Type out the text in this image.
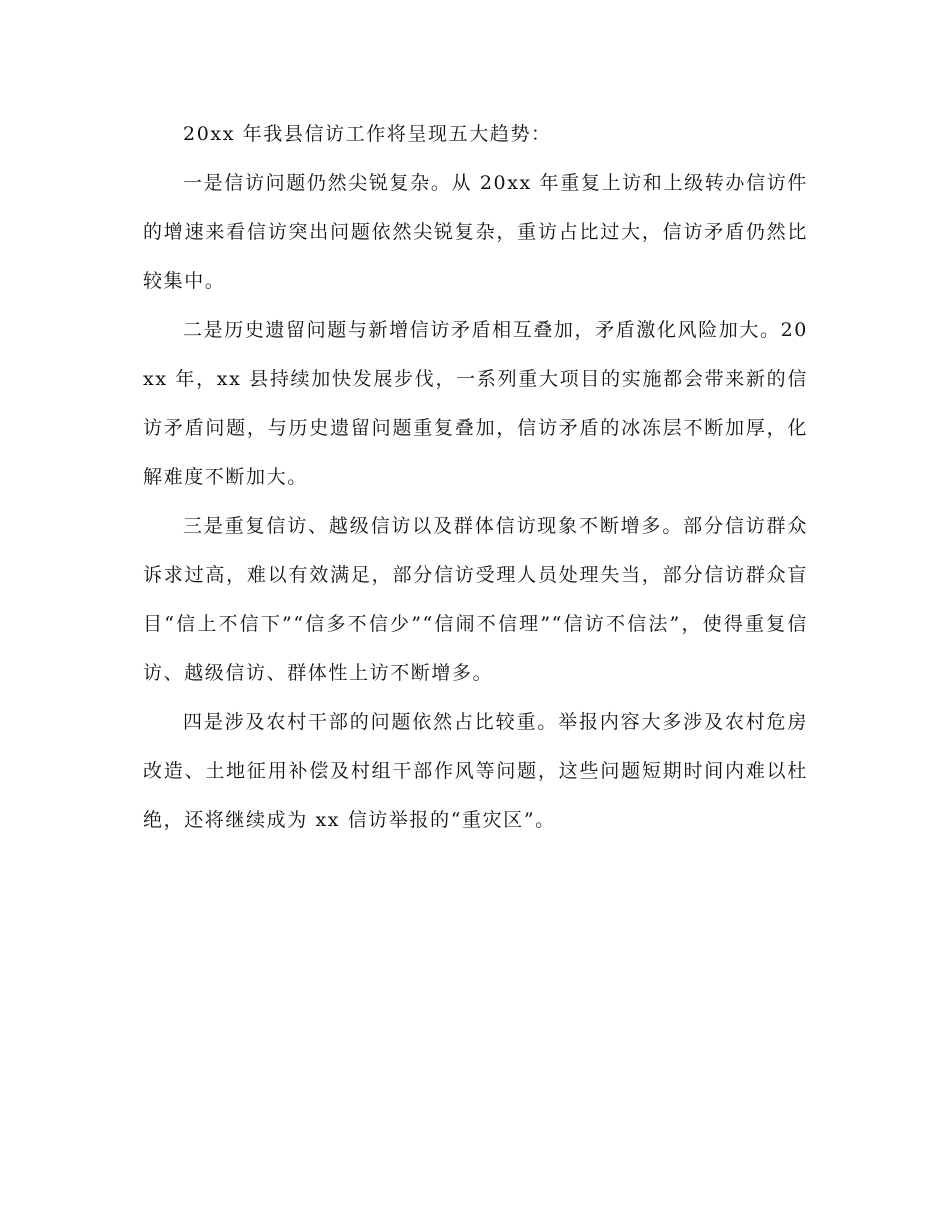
20xx 年我县信访工作将呈现五大趋势：

一是信访问题仍然尖锐复杂。从 20xx 年重复上访和上级转办信访件的增速来看信访突出问题依然尖锐复杂，重访占比过大，信访矛盾仍然比较集中。

二是历史遗留问题与新增信访矛盾相互叠加，矛盾激化风险加大。20xx 年，xx 县持续加快发展步伐，一系列重大项目的实施都会带来新的信访矛盾问题，与历史遗留问题重复叠加，信访矛盾的冰冻层不断加厚，化解难度不断加大。

三是重复信访、越级信访以及群体信访现象不断增多。部分信访群众诉求过高，难以有效满足，部分信访受理人员处理失当，部分信访群众盲目“信上不信下”“信多不信少”“信闹不信理”“信访不信法”，使得重复信访、越级信访、群体性上访不断增多。

四是涉及农村干部的问题依然占比较重。举报内容大多涉及农村危房改造、土地征用补偿及村组干部作风等问题，这些问题短期时间内难以杜绝，还将继续成为 xx 信访举报的“重灾区”。
